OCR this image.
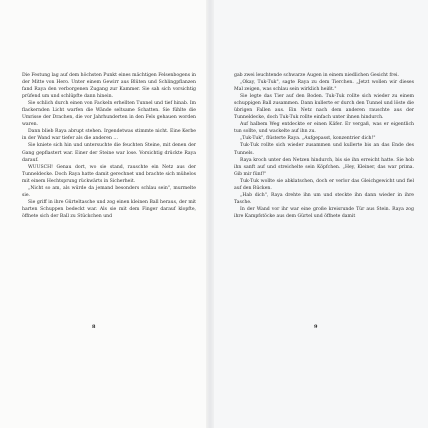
Die Festung lag auf dem höchsten Punkt eines mächtigen Felsenbogens in der Mitte von Hero. Unter einem Gewirr aus Blüten und Schlingpflanzen fand Raya den verborgenen Zugang zur Kammer. Sie sah sich vorsichtig prüfend um und schlüpfte dann hinein.

Sie schlich durch einen von Fackeln erhellten Tunnel und tief hinab. Im flackernden Licht warfen die Wände seltsame Schatten. Sie fühlte die Umrisse der Drachen, die vor Jahrhunderten in den Fels gehauen worden waren.

Dann blieb Raya abrupt stehen. Irgendetwas stimmte nicht. Eine Kerbe in der Wand war tiefer als die anderen …

Sie kniete sich hin und untersuchte die feuchten Steine, mit denen der Gang gepflastert war. Einer der Steine war lose. Vorsichtig drückte Raya darauf.

WUUSCH! Genau dort, wo sie stand, rauschte ein Netz aus der Tunneldecke. Doch Raya hatte damit gerechnet und brachte sich mühelos mit einem Hechtsprung rückwärts in Sicherheit.

„Nicht so am, als würde da jemand besonders schlau sein", murmelte sie.

Sie griff in ihre Gürteltasche und zog einen kleinen Ball heraus, der mit harten Schuppen bedeckt war. Als sie mit dem Finger darauf klopfte, öffnete sich der Ball zu Stückchen und

8

gab zwei leuchtende schwarze Augen in einem niedlichen Gesicht frei.

„Okay, Tuk-Tuk", sagte Raya zu dem Tierchen. „Jetzt wollen wir dieses Mal zeigen, was schlau sein wirklich heißt."

Sie legte das Tier auf den Boden. Tuk-Tuk rollte sich wieder zu einem schuppigen Ball zusammen. Dann kullerte er durch den Tunnel und löste die übrigen Fallen aus. Ein Netz nach dem anderen rauschte aus der Tunneldecke, doch Tuk-Tuk rollte einfach unter ihnen hindurch.

Auf halbem Weg entdeckte er einen Käfer. Er vergaß, was er eigentlich tun sollte, und wackelte auf ihn zu.

„Tuk-Tuk", flüsterte Raya. „Aufgepasst, konzentrier dich!"

Tuk-Tuk rollte sich wieder zusammen und kullerte bis an das Ende des Tunnels.

Raya kroch unter den Netzen hindurch, bis sie ihn erreicht hatte. Sie hob ihn sanft auf und streichelte sein Köpfchen. „Hey, Kleiner, das war prima. Gib mir fünf!"

Tuk-Tuk wollte sie abklatschen, doch er verlor das Gleichgewicht und fiel auf den Rücken.

„Hab dich", Raya drehte ihn um und steckte ihn dann wieder in ihre Tasche.

In der Wand vor ihr war eine große kreisrunde Tür aus Stein. Raya zog ihre Kampfstöcke aus dem Gürtel und öffnete damit

9
